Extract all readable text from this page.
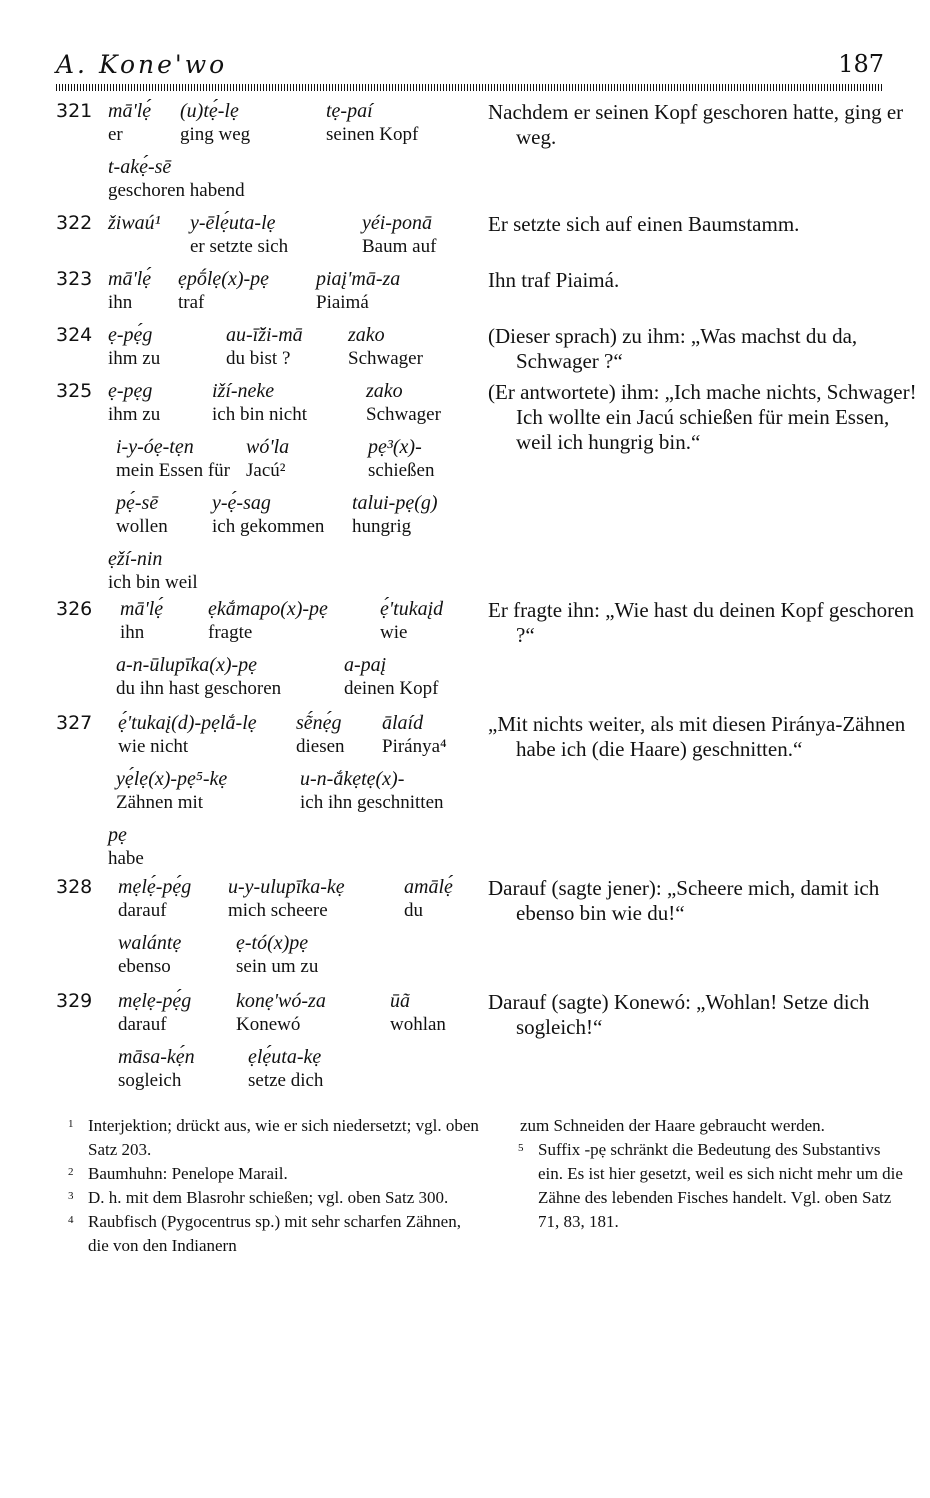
A. Kone'wo	187
321 mā'lẹ́
er
(u)tẹ́-lẹ
ging weg
tẹ-paí
seinen Kopf
t-akẹ́-sē
geschoren habend
Nachdem er seinen Kopf geschoren hatte, ging er weg.
322 žiwaú¹ y-ēlẹ́uta-lẹ
er setzte sich
yéi-ponā
Baum auf
Er setzte sich auf einen Baumstamm.
323 mā'lẹ́
ihn
ẹpṓlẹ(x)-pẹ
traf
piaį'mā-za
Piaimá
Ihn traf Piaimá.
324 ẹ-pẹ́g
ihm zu
au-ī̆ži-mā
du bist ?
zako
Schwager
(Dieser sprach) zu ihm: „Was machst du da, Schwager ?“
325 ẹ-pẹg
ihm zu
iží-neke
ich bin nicht
zako
Schwager
i-y-óẹ-tẹn
mein Essen für
wó'la
Jacú²
pẹ³(x)-
schießen
pẹ́-sē
wollen
y-ẹ́-sag
ich gekommen
talui-pẹ(g)
hungrig
ẹží-nin
ich bin weil
(Er antwortete) ihm: „Ich mache nichts, Schwager! Ich wollte ein Jacú schießen für mein Essen, weil ich hungrig bin.“
326 mā'lẹ́
ihn
ẹkắmapo(x)-pẹ
fragte
ẹ́'tukaįd
wie
a-n-ūlupīka(x)-pẹ
du ihn hast geschoren
a-paį
deinen Kopf
Er fragte ihn: „Wie hast du deinen Kopf geschoren ?“
327 ẹ́'tukaį(d)-pẹlắ-lẹ
wie nicht
sẽ́nẹ́g
diesen
ālaíd
Piránya⁴
yẹ́lẹ(x)-pẹ⁵-kẹ
Zähnen mit
u-n-ắkẹtẹ(x)-
ich ihn geschnitten
pẹ
habe
„Mit nichts weiter, als mit diesen Piránya-Zähnen habe ich (die Haare) geschnitten.“
328 mẹlẹ́-pẹ́g
darauf
u-y-ulupīka-kẹ
mich scheere
amālẹ́
du
walántẹ
ebenso
ẹ-tó(x)pẹ
sein um zu
Darauf (sagte jener): „Scheere mich, damit ich ebenso bin wie du!“
329 mẹlẹ-pẹ́g
darauf
konẹ'wó-za
Konewó
ūã
wohlan
māsa-kẹ́n
sogleich
ẹlẹ́uta-kẹ
setze dich
Darauf (sagte) Konewó: „Wohlan! Setze dich sogleich!“

1 Interjektion; drückt aus, wie er sich niedersetzt; vgl. oben Satz 203.

2 Baumhuhn: Penelope Marail.

3 D. h. mit dem Blasrohr schießen; vgl. oben Satz 300.

4 Raubfisch (Pygocentrus sp.) mit sehr scharfen Zähnen, die von den Indianern

zum Schneiden der Haare gebraucht werden.

5 Suffix -pẹ schränkt die Bedeutung des Substantivs ein. Es ist hier gesetzt, weil es sich nicht mehr um die Zähne des lebenden Fisches handelt. Vgl. oben Satz 71, 83, 181.
